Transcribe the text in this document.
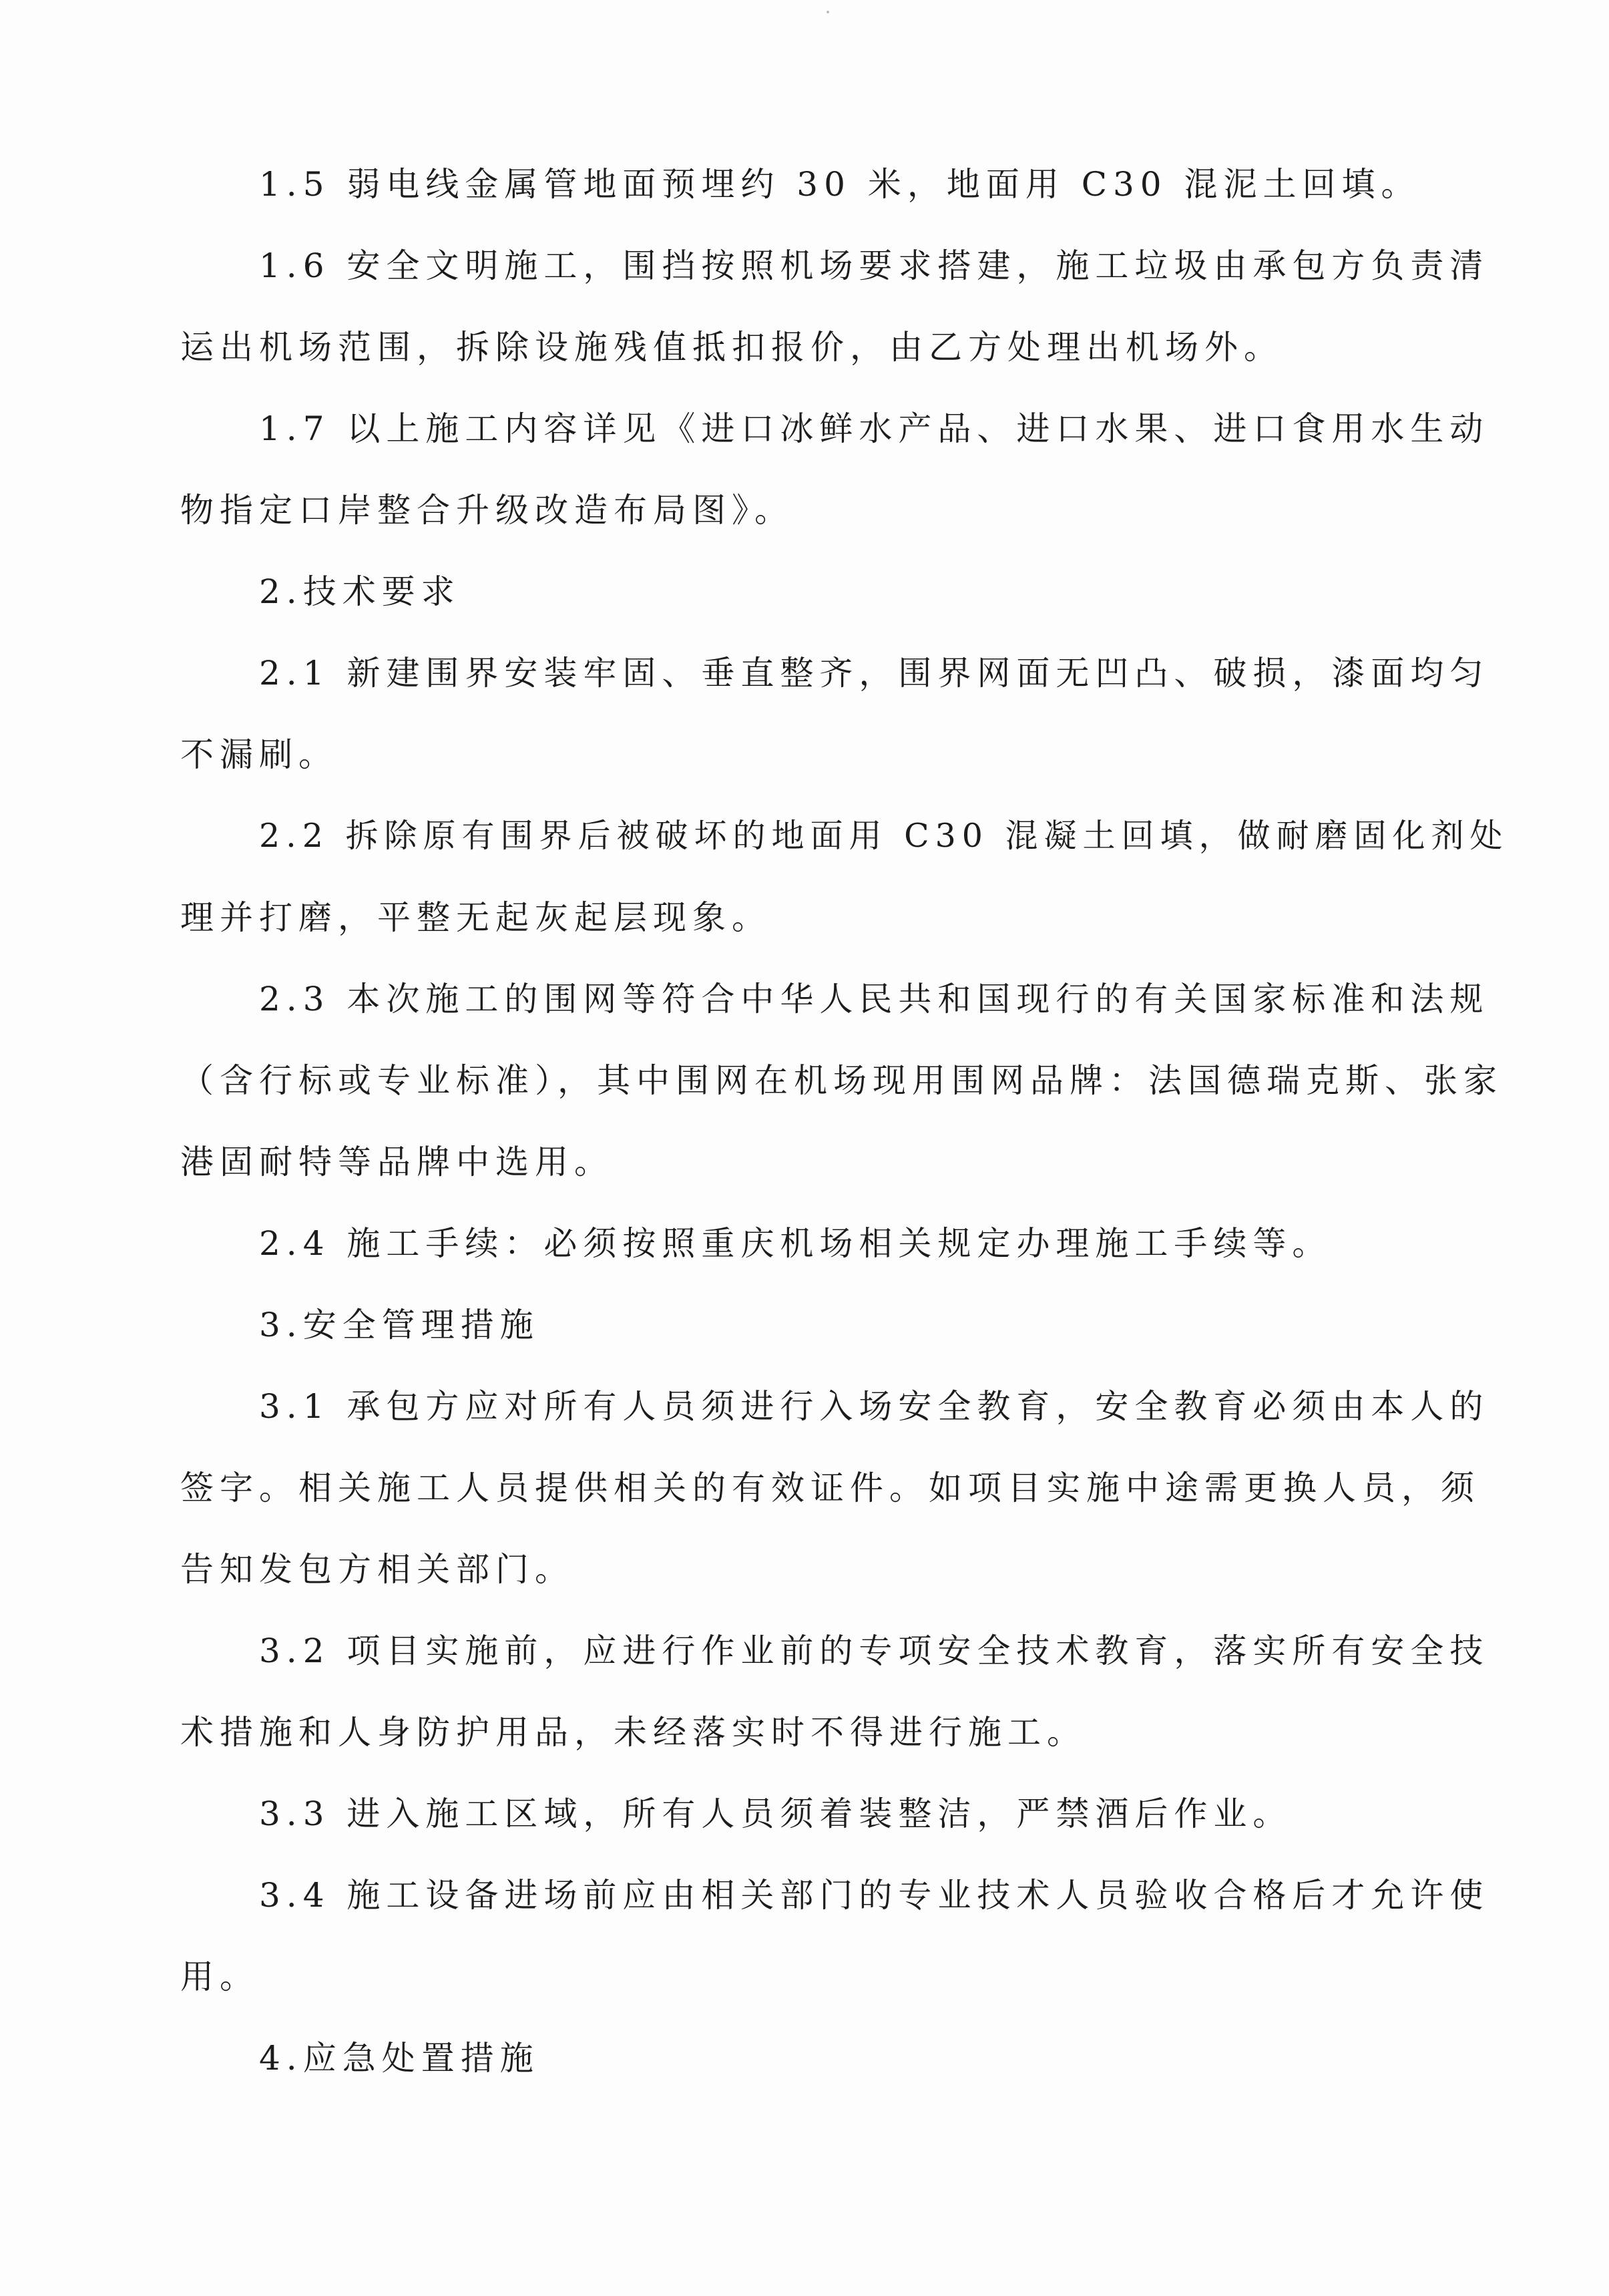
1.5 弱电线金属管地面预埋约 30 米，地面用 C30 混泥土回填。
1.6 安全文明施工，围挡按照机场要求搭建，施工垃圾由承包方负责清
运出机场范围，拆除设施残值抵扣报价，由乙方处理出机场外。
1.7 以上施工内容详见《进口冰鲜水产品、进口水果、进口食用水生动
物指定口岸整合升级改造布局图》。
2.技术要求
2.1 新建围界安装牢固、垂直整齐，围界网面无凹凸、破损，漆面均匀
不漏刷。
2.2 拆除原有围界后被破坏的地面用 C30 混凝土回填，做耐磨固化剂处
理并打磨，平整无起灰起层现象。
2.3 本次施工的围网等符合中华人民共和国现行的有关国家标准和法规
（含行标或专业标准），其中围网在机场现用围网品牌：法国德瑞克斯、张家
港固耐特等品牌中选用。
2.4 施工手续：必须按照重庆机场相关规定办理施工手续等。
3.安全管理措施
3.1 承包方应对所有人员须进行入场安全教育，安全教育必须由本人的
签字。相关施工人员提供相关的有效证件。如项目实施中途需更换人员，须
告知发包方相关部门。
3.2 项目实施前，应进行作业前的专项安全技术教育，落实所有安全技
术措施和人身防护用品，未经落实时不得进行施工。
3.3 进入施工区域，所有人员须着装整洁，严禁酒后作业。
3.4 施工设备进场前应由相关部门的专业技术人员验收合格后才允许使
用。
4.应急处置措施
